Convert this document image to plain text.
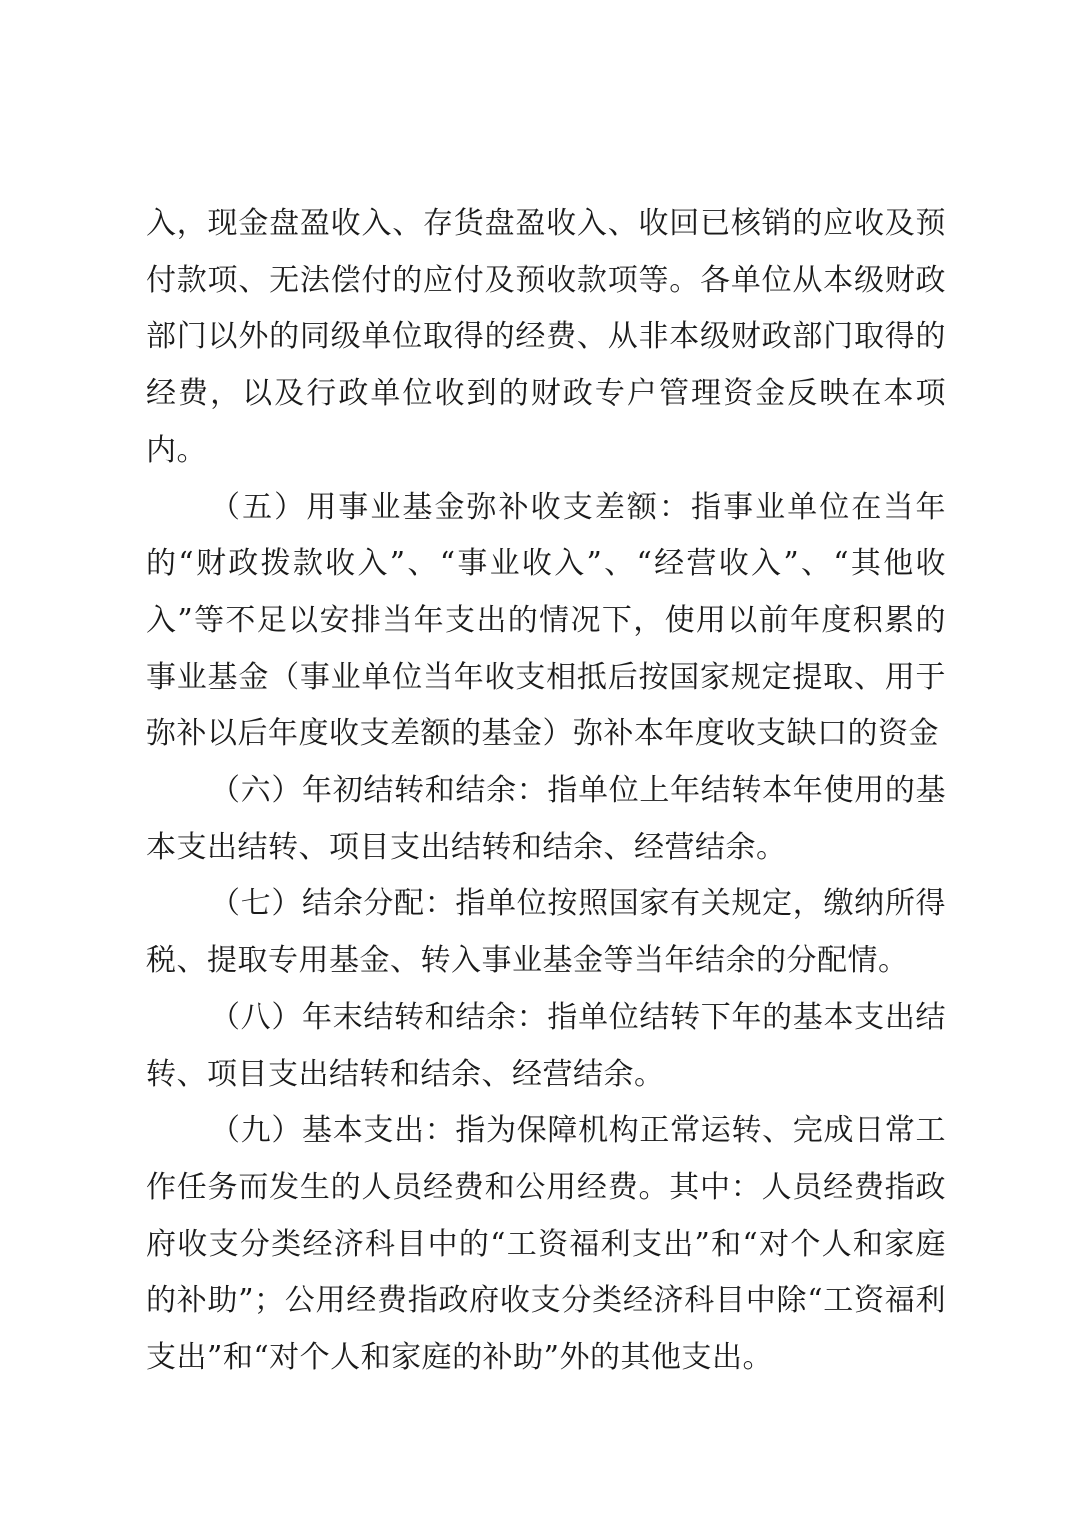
入，现金盘盈收入、存货盘盈收入、收回已核销的应收及预付款项、无法偿付的应付及预收款项等。各单位从本级财政部门以外的同级单位取得的经费、从非本级财政部门取得的经费，以及行政单位收到的财政专户管理资金反映在本项内。

（五）用事业基金弥补收支差额：指事业单位在当年的“财政拨款收入”、“事业收入”、“经营收入”、“其他收入”等不足以安排当年支出的情况下，使用以前年度积累的事业基金（事业单位当年收支相抵后按国家规定提取、用于弥补以后年度收支差额的基金）弥补本年度收支缺口的资金

（六）年初结转和结余：指单位上年结转本年使用的基本支出结转、项目支出结转和结余、经营结余。

（七）结余分配：指单位按照国家有关规定，缴纳所得税、提取专用基金、转入事业基金等当年结余的分配情。

（八）年末结转和结余：指单位结转下年的基本支出结转、项目支出结转和结余、经营结余。

（九）基本支出：指为保障机构正常运转、完成日常工作任务而发生的人员经费和公用经费。其中：人员经费指政府收支分类经济科目中的“工资福利支出”和“对个人和家庭的补助”；公用经费指政府收支分类经济科目中除“工资福利支出”和“对个人和家庭的补助”外的其他支出。
